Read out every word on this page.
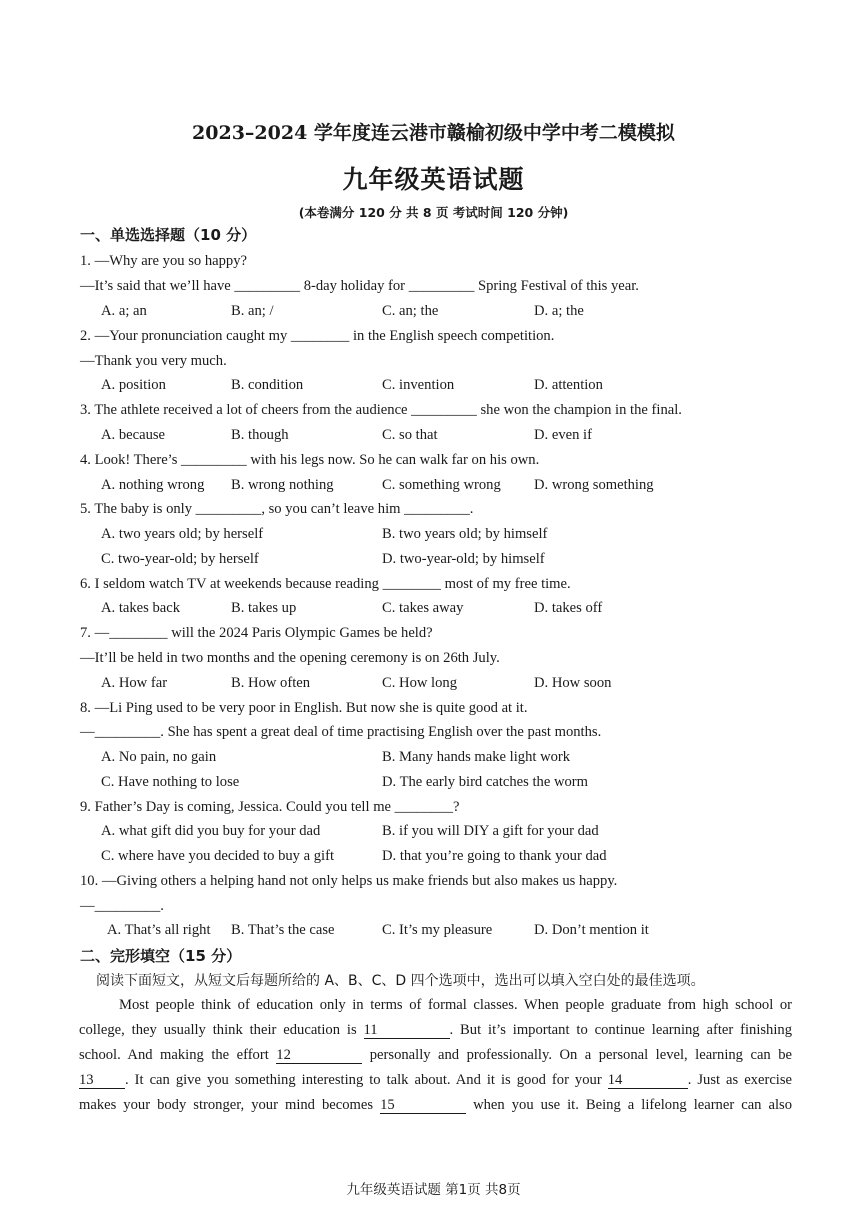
2023–2024 学年度连云港市赣榆初级中学中考二模模拟
九年级英语试题
(本卷满分 120 分 共 8 页 考试时间 120 分钟)
一、单选选择题（10 分）
1. —Why are you so happy?
—It’s said that we’ll have _________ 8-day holiday for _________ Spring Festival of this year.
A. a; an	B. an; /	C. an; the	D. a; the
2. —Your pronunciation caught my ________ in the English speech competition.
—Thank you very much.
A. position	B. condition	C. invention	D. attention
3. The athlete received a lot of cheers from the audience _________ she won the champion in the final.
A. because	B. though	C. so that	D. even if
4. Look! There’s _________ with his legs now. So he can walk far on his own.
A. nothing wrong B. wrong nothing	C. something wrong D. wrong something
5. The baby is only _________, so you can’t leave him _________.
A. two years old; by herself	B. two years old; by himself
C. two-year-old; by herself	D. two-year-old; by himself
6. I seldom watch TV at weekends because reading ________ most of my free time.
A. takes back	B. takes up	C. takes away	D. takes off
7. —________ will the 2024 Paris Olympic Games be held?
—It’ll be held in two months and the opening ceremony is on 26th July.
A. How far	B. How often	C. How long	D. How soon
8. —Li Ping used to be very poor in English. But now she is quite good at it.
—_________. She has spent a great deal of time practising English over the past months.
A. No pain, no gain	B. Many hands make light work
C. Have nothing to lose	D. The early bird catches the worm
9. Father’s Day is coming, Jessica. Could you tell me ________?
A. what gift did you buy for your dad	B. if you will DIY a gift for your dad
C. where have you decided to buy a gift	D. that you’re going to thank your dad
10. —Giving others a helping hand not only helps us make friends but also makes us happy.
—_________.
A. That’s all right B. That’s the case	C. It’s my pleasure	D. Don’t mention it
二、完形填空（15 分）
阅读下面短文，从短文后每题所给的 A、B、C、D 四个选项中，选出可以填入空白处的最佳选项。
Most people think of education only in terms of formal classes. When people graduate from high school or
college, they usually think their education is 11	. But it’s important to continue learning after finishing
school. And making the effort 12	personally and professionally. On a personal level, learning can be
13 . It can give you something interesting to talk about. And it is good for your 14	. Just as exercise
makes your body stronger, your mind becomes 15	when you use it. Being a lifelong learner can also
九年级英语试题 第1页 共8页
